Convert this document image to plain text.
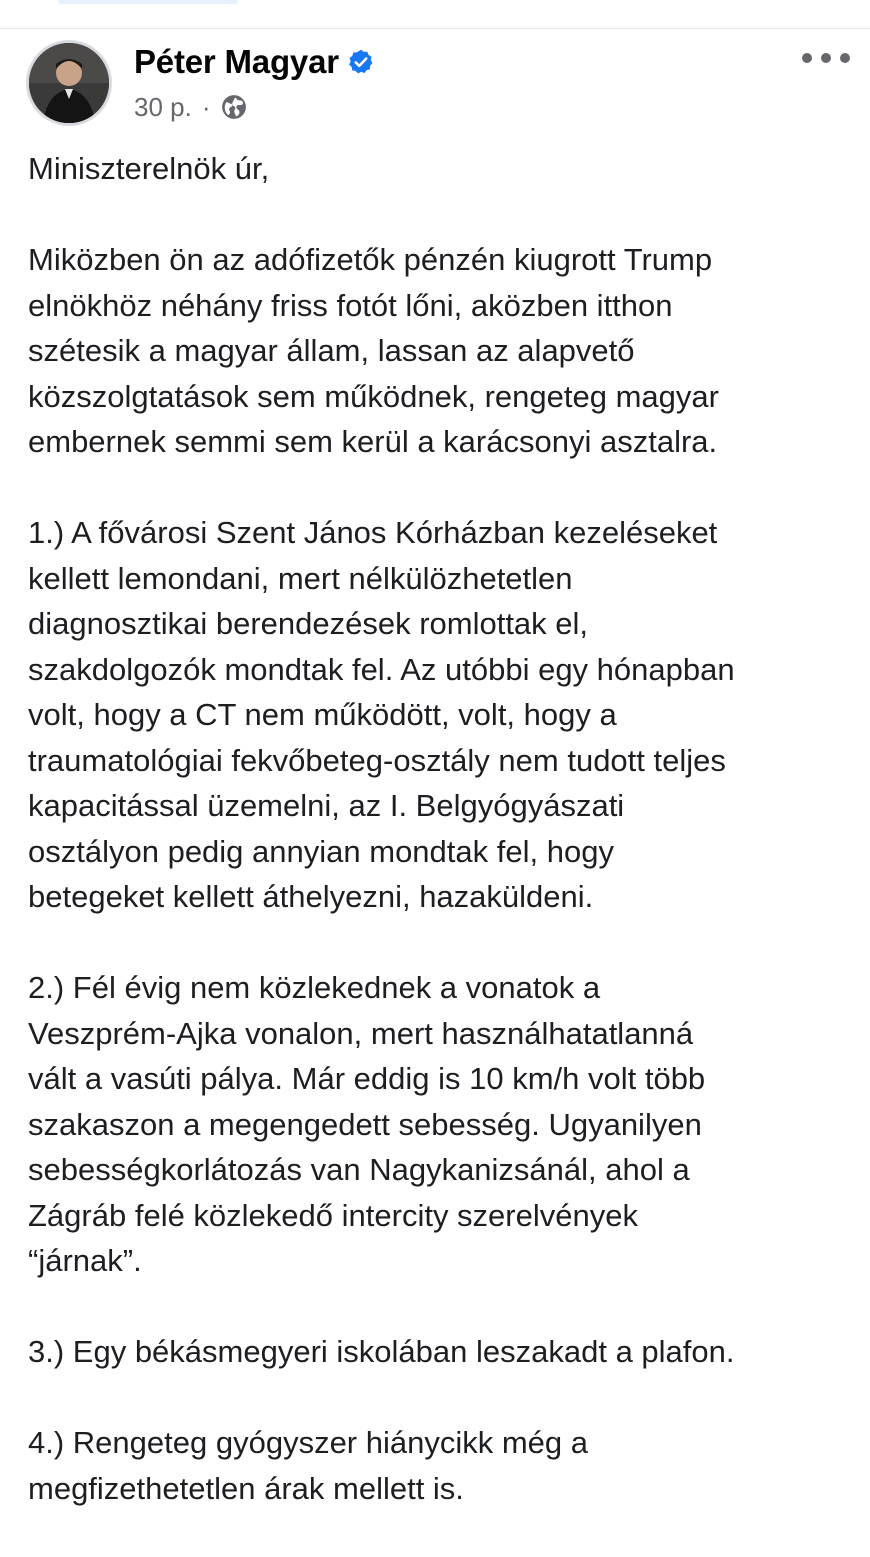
Péter Magyar
30 p. ·

Miniszterelnök úr,

Miközben ön az adófizetők pénzén kiugrott Trump
elnökhöz néhány friss fotót lőni, aközben itthon
szétesik a magyar állam, lassan az alapvető
közszolgtatások sem működnek, rengeteg magyar
embernek semmi sem kerül a karácsonyi asztalra.

1.) A fővárosi Szent János Kórházban kezeléseket
kellett lemondani, mert nélkülözhetetlen
diagnosztikai berendezések romlottak el,
szakdolgozók mondtak fel. Az utóbbi egy hónapban
volt, hogy a CT nem működött, volt, hogy a
traumatológiai fekvőbeteg-osztály nem tudott teljes
kapacitással üzemelni, az I. Belgyógyászati
osztályon pedig annyian mondtak fel, hogy
betegeket kellett áthelyezni, hazaküldeni.

2.) Fél évig nem közlekednek a vonatok a
Veszprém-Ajka vonalon, mert használhatatlanná
vált a vasúti pálya. Már eddig is 10 km/h volt több
szakaszon a megengedett sebesség. Ugyanilyen
sebességkorlátozás van Nagykanizsánál, ahol a
Zágráb felé közlekedő intercity szerelvények
“járnak”.

3.) Egy békásmegyeri iskolában leszakadt a plafon.

4.) Rengeteg gyógyszer hiánycikk még a
megfizethetetlen árak mellett is.
